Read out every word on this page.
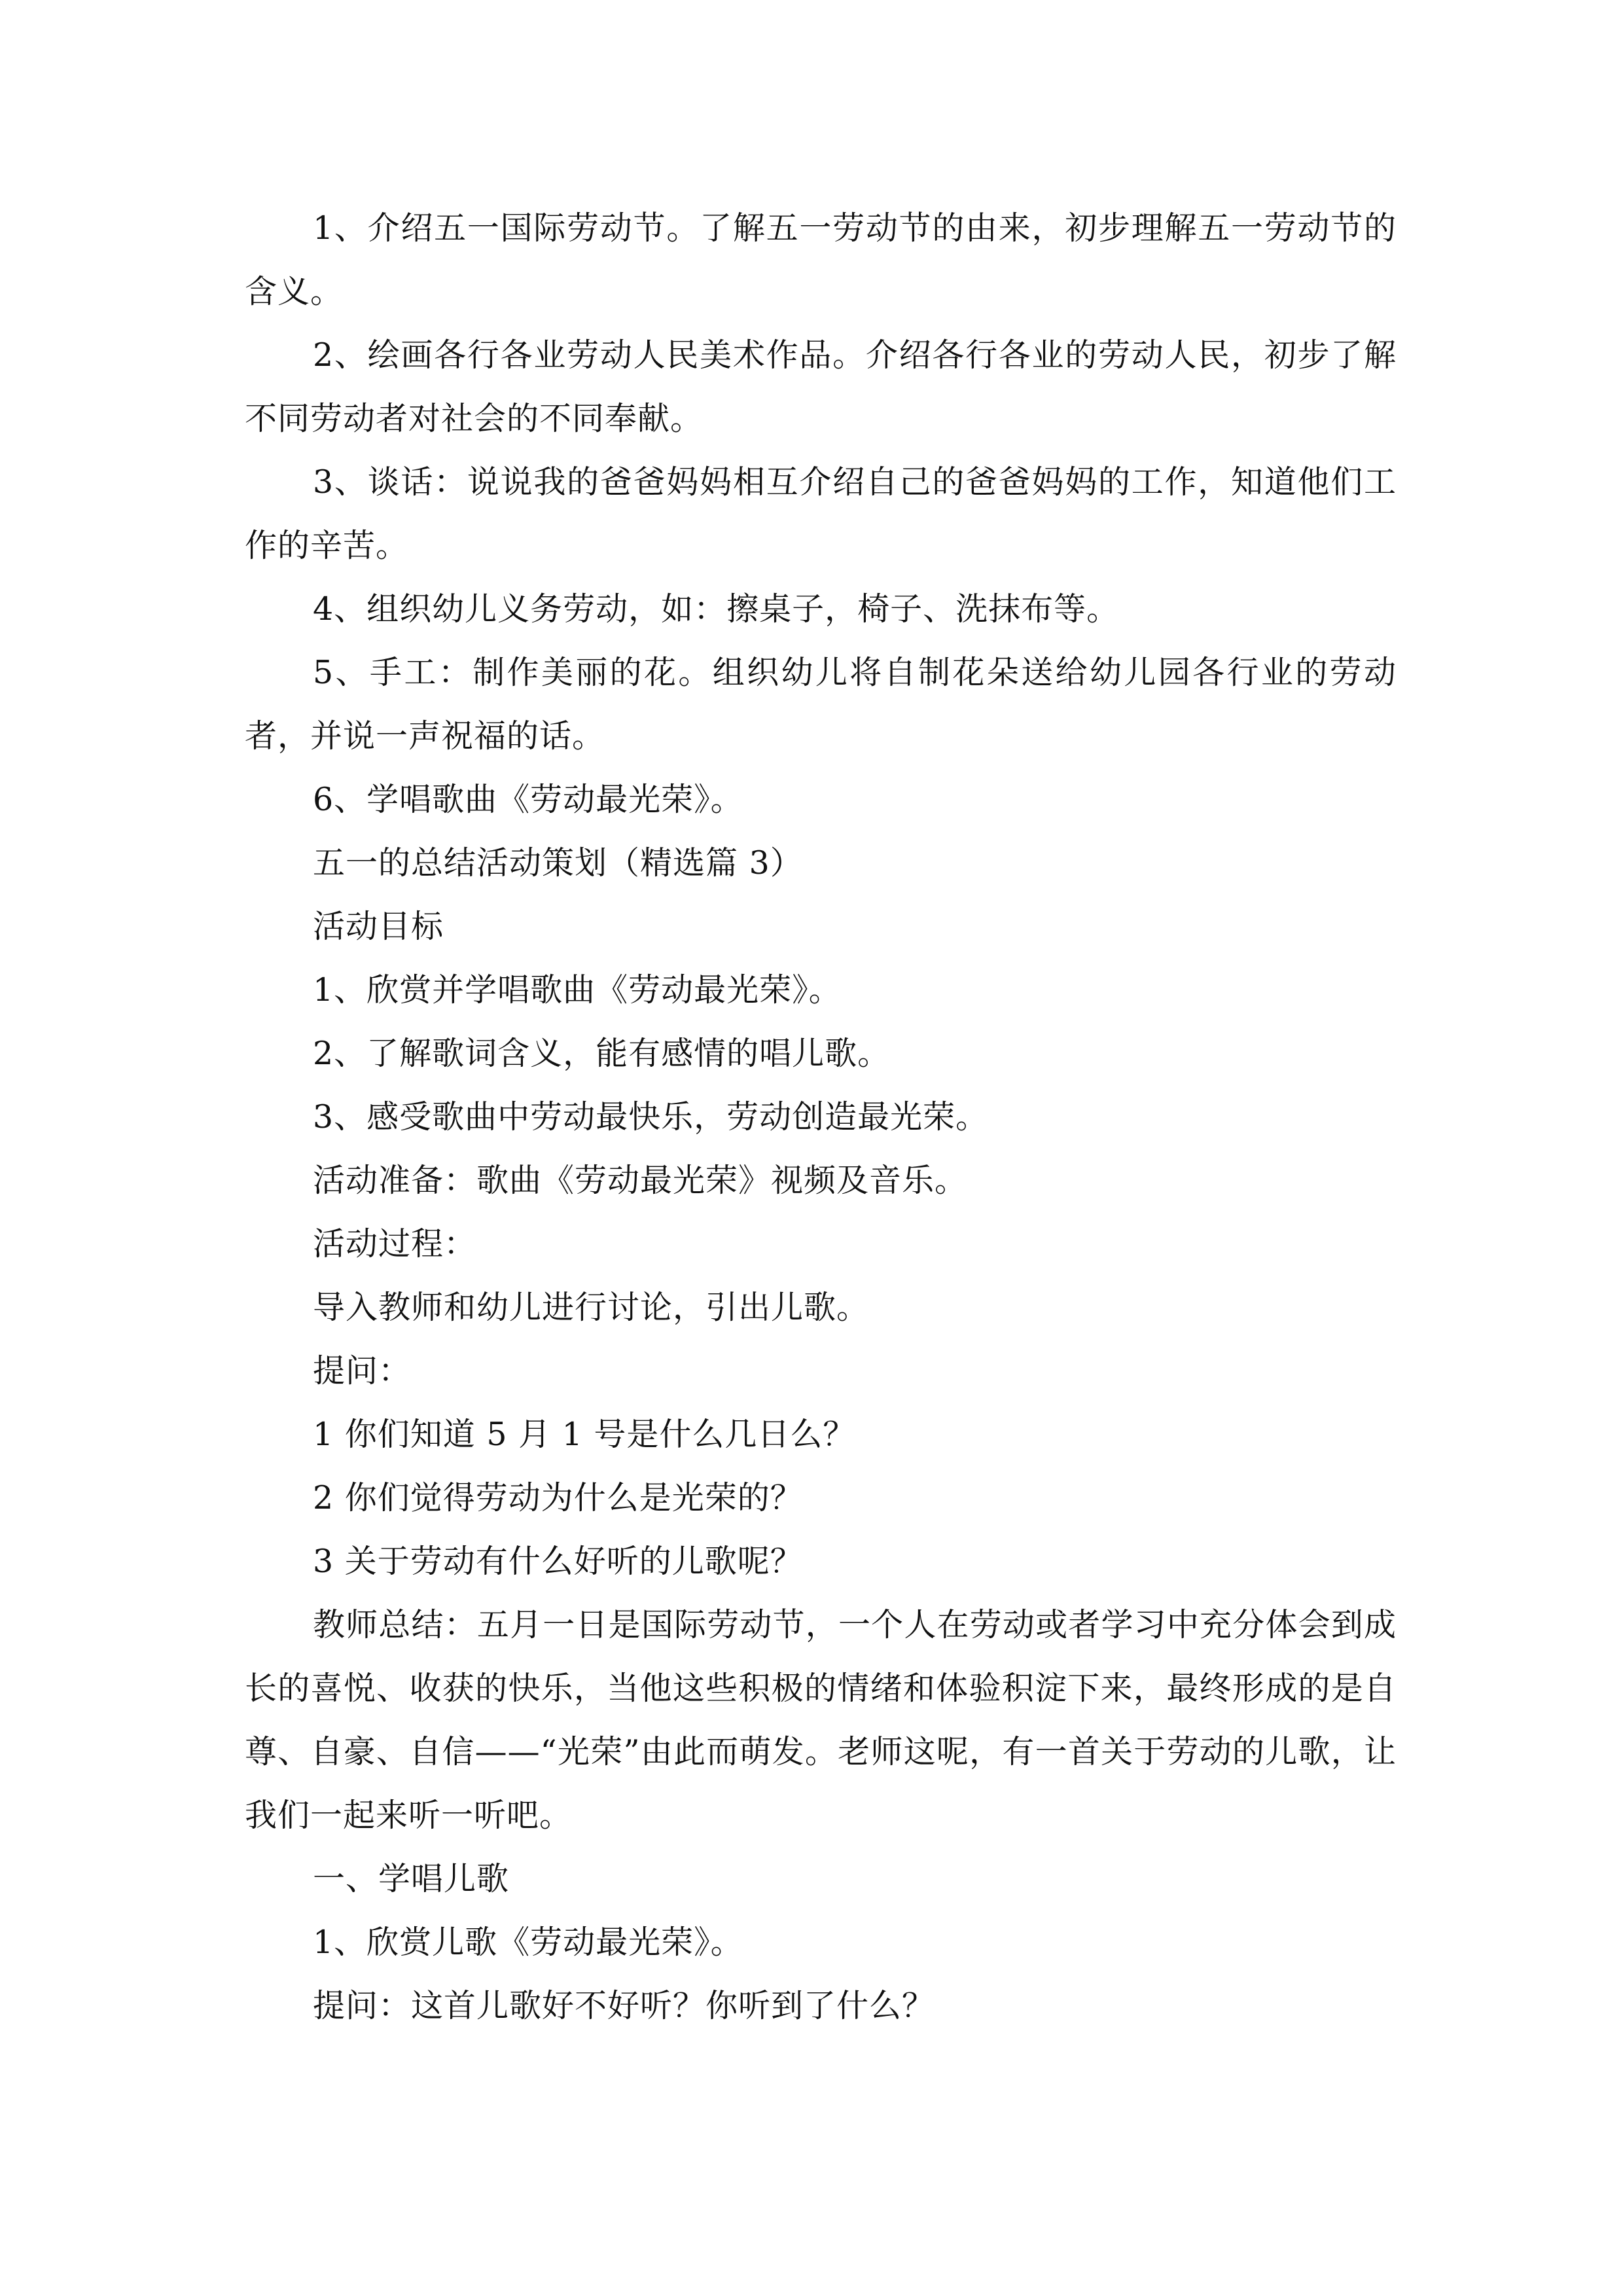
1、介绍五一国际劳动节。了解五一劳动节的由来，初步理解五一劳动节的含义。

2、绘画各行各业劳动人民美术作品。介绍各行各业的劳动人民，初步了解不同劳动者对社会的不同奉献。

3、谈话：说说我的爸爸妈妈相互介绍自己的爸爸妈妈的工作，知道他们工作的辛苦。

4、组织幼儿义务劳动，如：擦桌子，椅子、洗抹布等。

5、手工：制作美丽的花。组织幼儿将自制花朵送给幼儿园各行业的劳动者，并说一声祝福的话。

6、学唱歌曲《劳动最光荣》。

五一的总结活动策划（精选篇 3）

活动目标

1、欣赏并学唱歌曲《劳动最光荣》。

2、了解歌词含义，能有感情的唱儿歌。

3、感受歌曲中劳动最快乐，劳动创造最光荣。

活动准备：歌曲《劳动最光荣》视频及音乐。

活动过程：

导入教师和幼儿进行讨论，引出儿歌。

提问：

1 你们知道 5 月 1 号是什么几日么？

2 你们觉得劳动为什么是光荣的？

3 关于劳动有什么好听的儿歌呢？

教师总结：五月一日是国际劳动节，一个人在劳动或者学习中充分体会到成长的喜悦、收获的快乐，当他这些积极的情绪和体验积淀下来，最终形成的是自尊、自豪、自信——“光荣”由此而萌发。老师这呢，有一首关于劳动的儿歌，让我们一起来听一听吧。

一、学唱儿歌

1、欣赏儿歌《劳动最光荣》。

提问：这首儿歌好不好听？你听到了什么？
